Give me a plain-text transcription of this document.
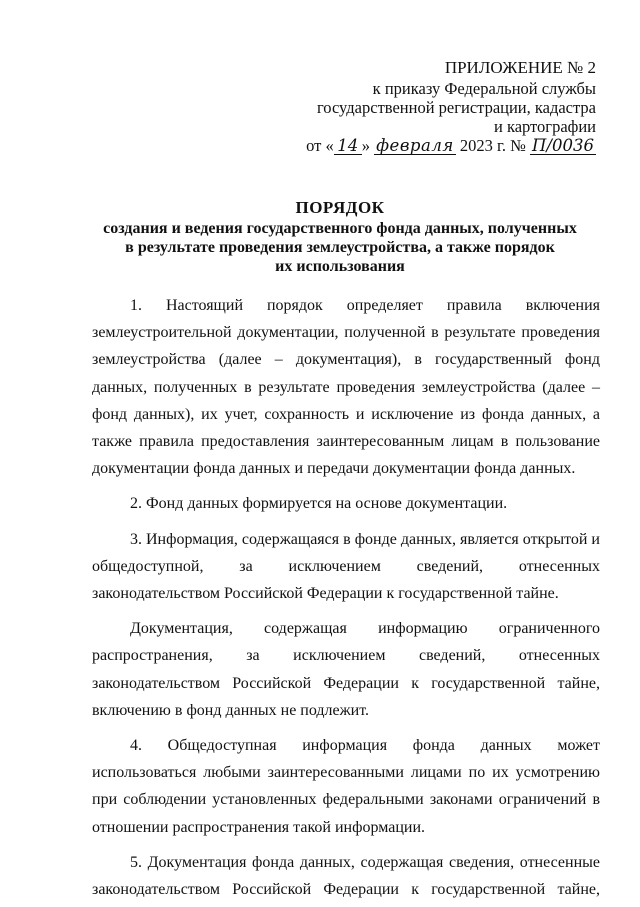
ПРИЛОЖЕНИЕ № 2
к приказу Федеральной службы
государственной регистрации, кадастра
и картографии
от « 14 » февраля 2023 г. № П/0036
ПОРЯДОК
создания и ведения государственного фонда данных, полученных
в результате проведения землеустройства, а также порядок
их использования

1. Настоящий порядок определяет правила включения землеустроительной документации, полученной в результате проведения землеустройства (далее – документация), в государственный фонд данных, полученных в результате проведения землеустройства (далее – фонд данных), их учет, сохранность и исключение из фонда данных, а также правила предоставления заинтересованным лицам в пользование документации фонда данных и передачи документации фонда данных.

2. Фонд данных формируется на основе документации.

3. Информация, содержащаяся в фонде данных, является открытой и общедоступной, за исключением сведений, отнесенных законодательством Российской Федерации к государственной тайне.

Документация, содержащая информацию ограниченного распространения, за исключением сведений, отнесенных законодательством Российской Федерации к государственной тайне, включению в фонд данных не подлежит.

4. Общедоступная информация фонда данных может использоваться любыми заинтересованными лицами по их усмотрению при соблюдении установленных федеральными законами ограничений в отношении распространения такой информации.

5. Документация фонда данных, содержащая сведения, отнесенные законодательством Российской Федерации к государственной тайне,
